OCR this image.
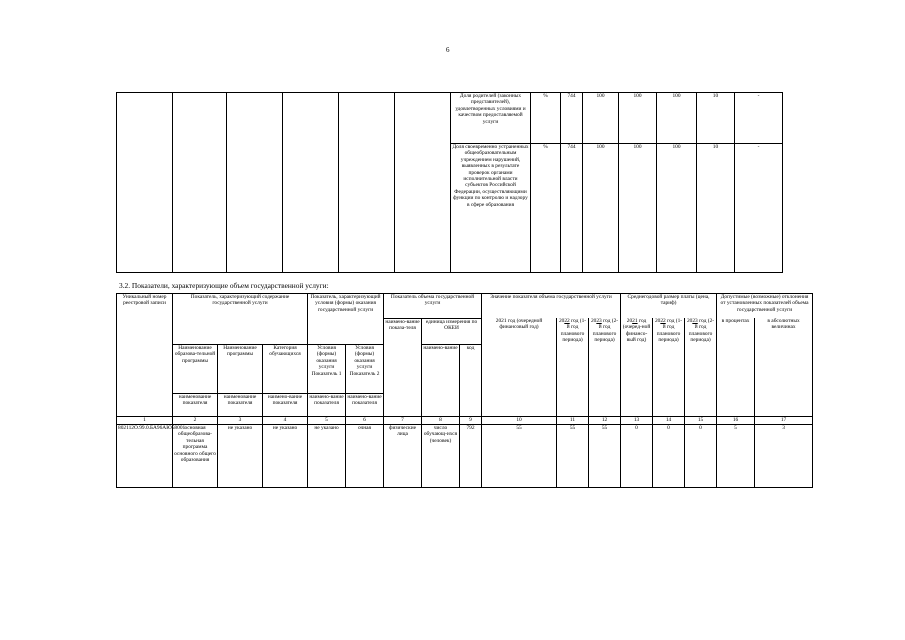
6
						Доля родителей (законных представителей), удовлетворенных условиями и качеством предоставляемой услуги	%	744	100	100	100	10	-
						Доля своевременно устраненных общеобразовательным учреждением нарушений, выявленных в результате проверок органами исполнительной власти субъектов Российской Федерации, осуществляющими функции по контролю и надзору в сфере образования	%	744	100	100	100	10	-
3.2. Показатели, характеризующие объем государственной услуги:
Уникальный номер реестровой записи	Показатель, характеризующий содержание государственной услуги			Показатель, характеризующий условия (формы) оказания государственной услуги		Показатель объема государственной услуги			Значение показателя объема государственной услуги			Среднегодовой размер платы (цена, тариф)			Допустимые (возможные) отклонения от установленных показателей объема государственной услуги	
						наимено-вание показа-теля	единица измерения по ОКЕИ		2021 год (очередной финансовый год)	2022 год (1-й год планового периода)	2023 год (2-й год планового периода)	2021 год (очеред-ной финансо-вый год)	2022 год (1-й год планового периода)	2023 год (2-й год планового периода)	в процентах	в абсолютных величинах
	Наименование образова-тельной программы	Наименование программы	Категория обучающихся	Условия (формы) оказания услуги Показатель 1	Условия (формы) оказания услуги Показатель 2		наимено-вание	код								
	наименование показателя	наименование показателя	наимено-вание показателя	наимено-вание показателя	наимено-вание показателя											
1	2	3	4	5	6	7	8	9	10	11	12	13	14	15	16	17
802112О.99.0.БА96АЮ58001	основная общеобразова-тельная программа основного общего образования	не указано	не указано	не указано	очная	физические лица	число обучающ-ихся (человек)	792	55	55	55	0	0	0	5	3
